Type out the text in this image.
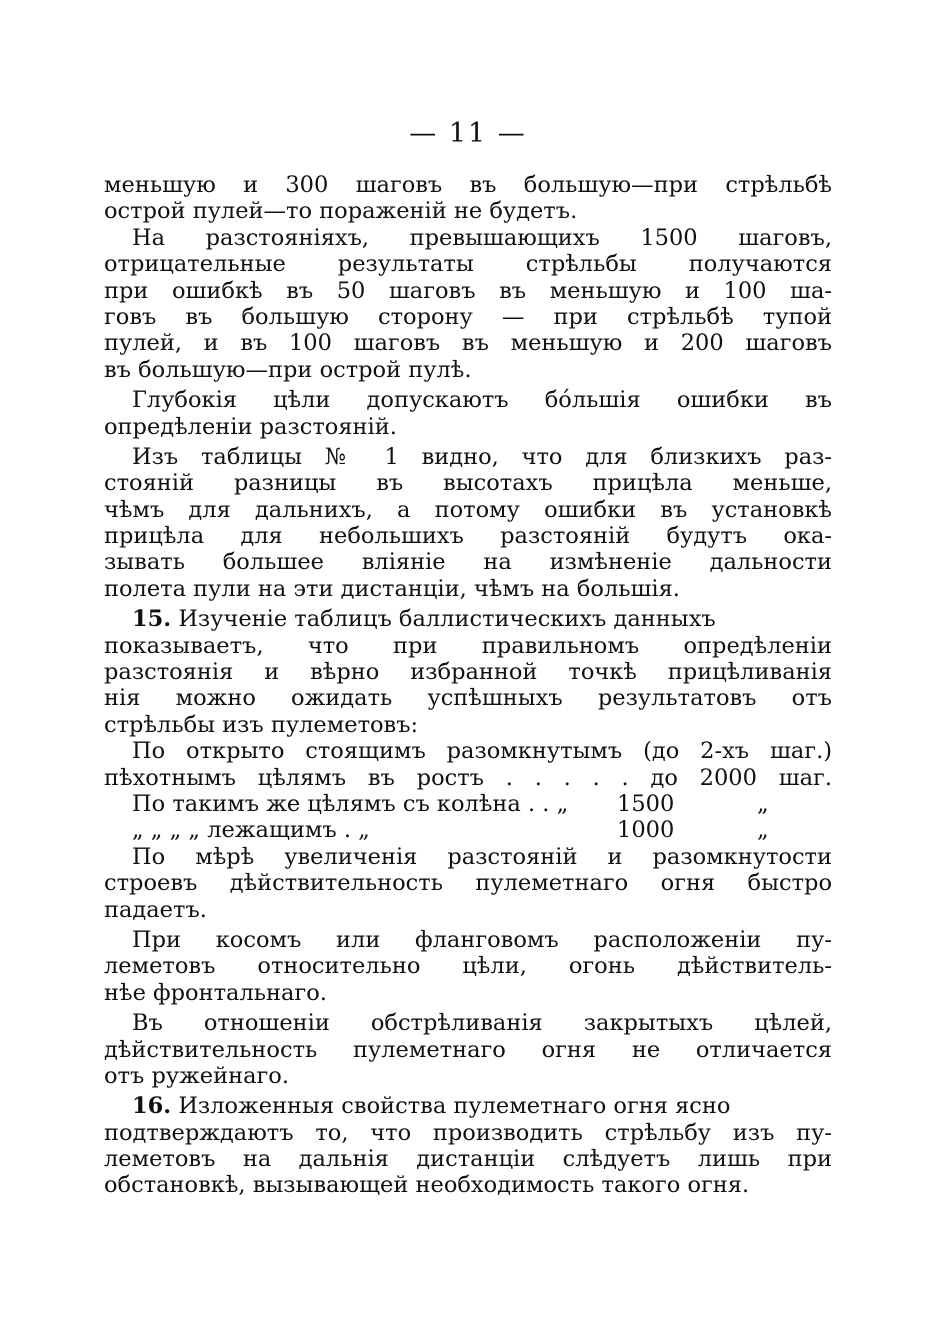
— 11 —
меньшую и 300 шаговъ въ большую—при стрѣльбѣ
острой пулей—то пораженій не будетъ.
На разстояніяхъ, превышающихъ 1500 шаговъ,
отрицательные результаты стрѣльбы получаются
при ошибкѣ въ 50 шаговъ въ меньшую и 100 ша-
говъ въ большую сторону — при стрѣльбѣ тупой
пулей, и въ 100 шаговъ въ меньшую и 200 шаговъ
въ большую—при острой пулѣ.
Глубокія цѣли допускаютъ бо́льшія ошибки въ
опредѣленіи разстояній.
Изъ таблицы № 1 видно, что для близкихъ раз-
стояній разницы въ высотахъ прицѣла меньше,
чѣмъ для дальнихъ, а потому ошибки въ установкѣ
прицѣла для небольшихъ разстояній будутъ ока-
зывать большее вліяніе на измѣненіе дальности
полета пули на эти дистанціи, чѣмъ на большія.
15. Изученіе таблицъ баллистическихъ данныхъ
показываетъ, что при правильномъ опредѣленіи
разстоянія и вѣрно избранной точкѣ прицѣливанія
нія можно ожидать успѣшныхъ результатовъ отъ
стрѣльбы изъ пулеметовъ:
По открыто стоящимъ разомкнутымъ (до 2-хъ шаг.)
пѣхотнымъ цѣлямъ въ ростъ . . . . . до 2000 шаг.
По такимъ же цѣлямъ съ колѣна . . „	1500	„
„ „ „ „ лежащимъ . „	1000	„
По мѣрѣ увеличенія разстояній и разомкнутости
строевъ дѣйствительность пулеметнаго огня быстро
падаетъ.
При косомъ или фланговомъ расположеніи пу-
леметовъ относительно цѣли, огонь дѣйствитель-
нѣе фронтальнаго.
Въ отношеніи обстрѣливанія закрытыхъ цѣлей,
дѣйствительность пулеметнаго огня не отличается
отъ ружейнаго.
16. Изложенныя свойства пулеметнаго огня ясно
подтверждаютъ то, что производить стрѣльбу изъ пу-
леметовъ на дальнія дистанціи слѣдуетъ лишь при
обстановкѣ, вызывающей необходимость такого огня.
